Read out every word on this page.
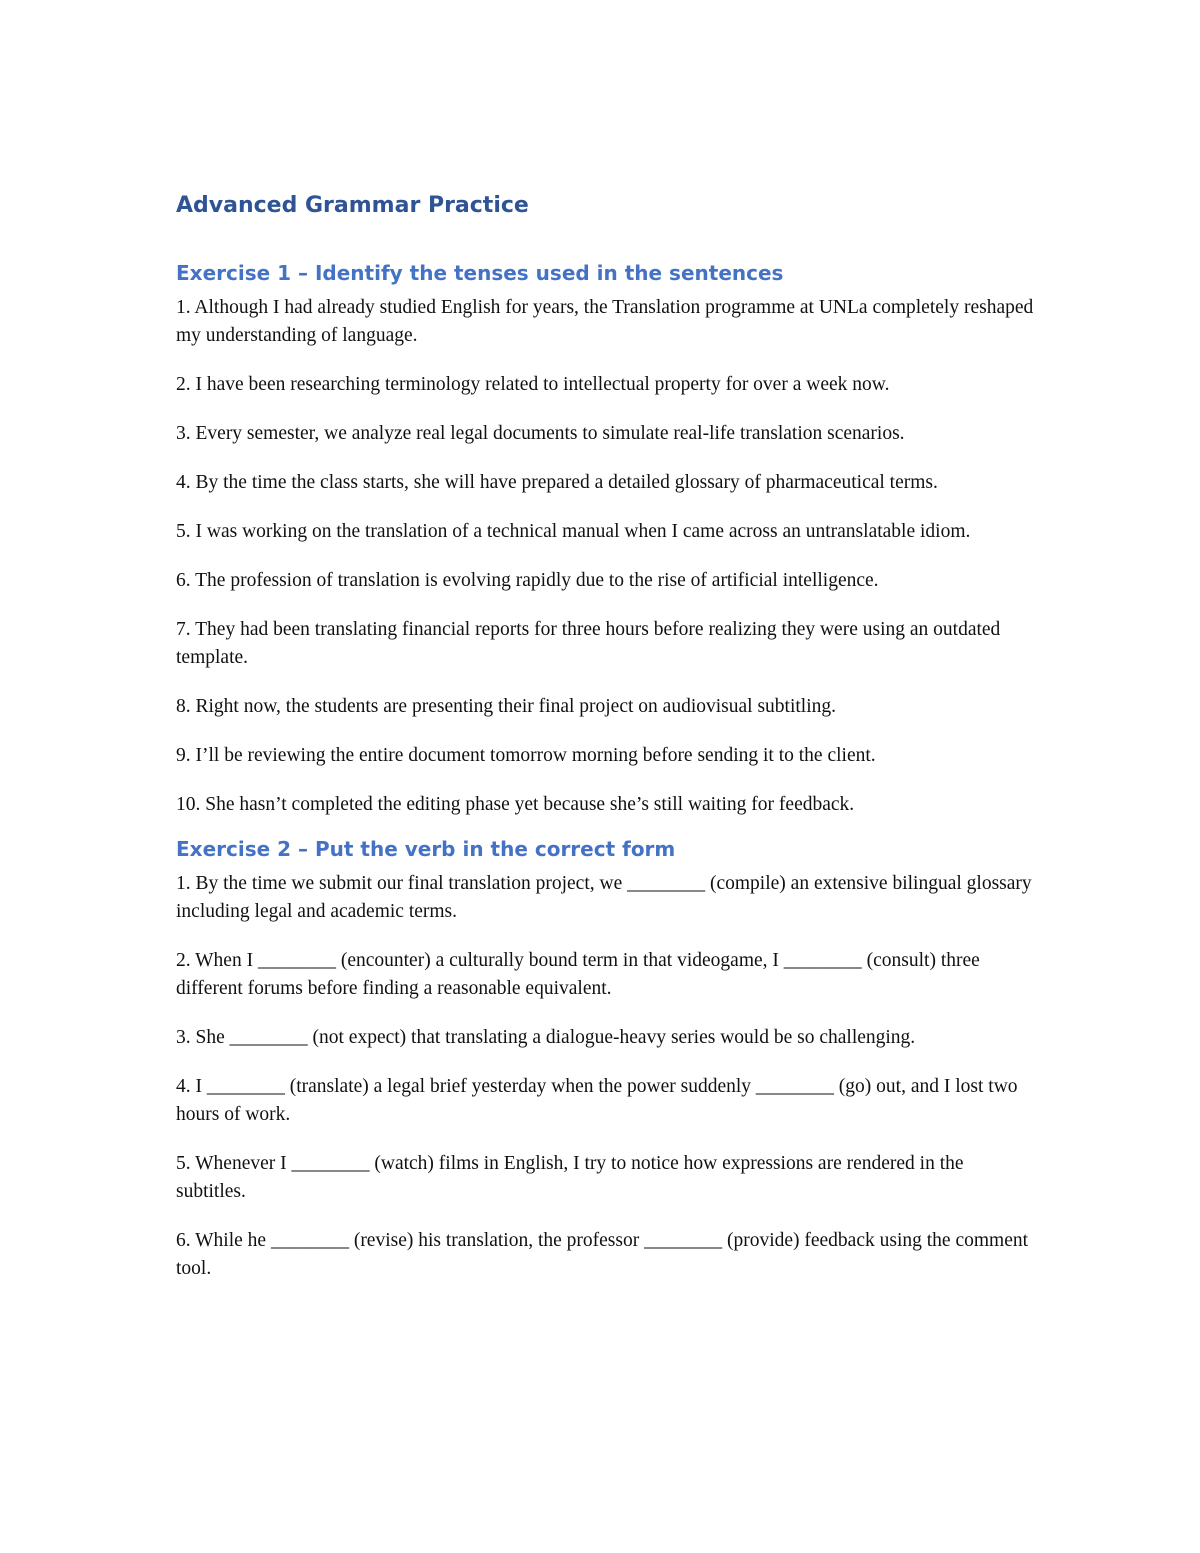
Advanced Grammar Practice
Exercise 1 – Identify the tenses used in the sentences

1. Although I had already studied English for years, the Translation programme at UNLa completely reshaped my understanding of language.

2. I have been researching terminology related to intellectual property for over a week now.

3. Every semester, we analyze real legal documents to simulate real-life translation scenarios.

4. By the time the class starts, she will have prepared a detailed glossary of pharmaceutical terms.

5. I was working on the translation of a technical manual when I came across an untranslatable idiom.

6. The profession of translation is evolving rapidly due to the rise of artificial intelligence.

7. They had been translating financial reports for three hours before realizing they were using an outdated template.

8. Right now, the students are presenting their final project on audiovisual subtitling.

9. I’ll be reviewing the entire document tomorrow morning before sending it to the client.

10. She hasn’t completed the editing phase yet because she’s still waiting for feedback.

Exercise 2 – Put the verb in the correct form

1. By the time we submit our final translation project, we ________ (compile) an extensive bilingual glossary including legal and academic terms.

2. When I ________ (encounter) a culturally bound term in that videogame, I ________ (consult) three different forums before finding a reasonable equivalent.

3. She ________ (not expect) that translating a dialogue-heavy series would be so challenging.

4. I ________ (translate) a legal brief yesterday when the power suddenly ________ (go) out, and I lost two hours of work.

5. Whenever I ________ (watch) films in English, I try to notice how expressions are rendered in the subtitles.

6. While he ________ (revise) his translation, the professor ________ (provide) feedback using the comment tool.
